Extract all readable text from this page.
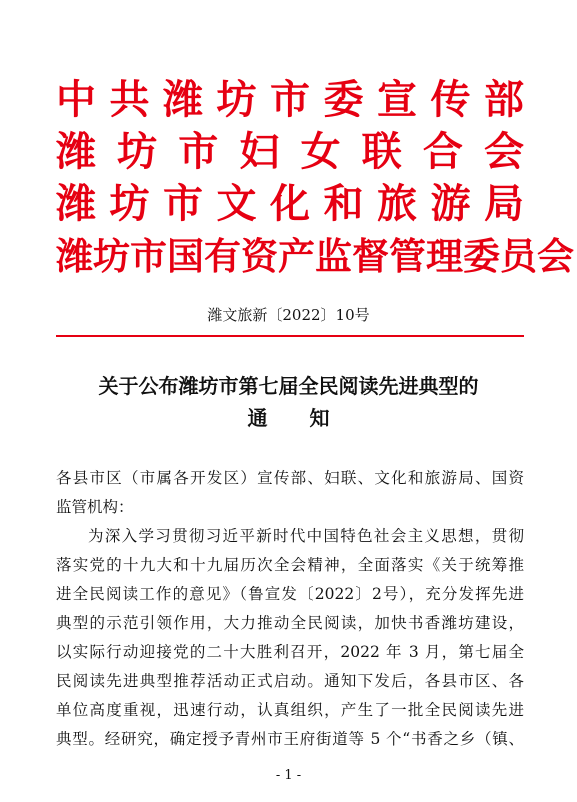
中 共 潍 坊 市 委 宣 传 部
潍 坊 市 妇 女 联 合 会
潍 坊 市 文 化 和 旅 游 局
潍 坊 市 国 有 资 产 监 督 管 理 委 员 会
潍文旅新〔2022〕10号
关于公布潍坊市第七届全民阅读先进典型的
通 知
各县市区（市属各开发区）宣传部、妇联、文化和旅游局、国资
监管机构：
为深入学习贯彻习近平新时代中国特色社会主义思想，贯彻
落实党的十九大和十九届历次全会精神，全面落实《关于统筹推
进全民阅读工作的意见》（鲁宣发〔2022〕2号），充分发挥先进
典型的示范引领作用，大力推动全民阅读，加快书香潍坊建设，
以实际行动迎接党的二十大胜利召开，2022 年 3 月，第七届全
民阅读先进典型推荐活动正式启动。通知下发后，各县市区、各
单位高度重视，迅速行动，认真组织，产生了一批全民阅读先进
典型。经研究，确定授予青州市王府街道等 5 个“书香之乡（镇、
- 1 -
